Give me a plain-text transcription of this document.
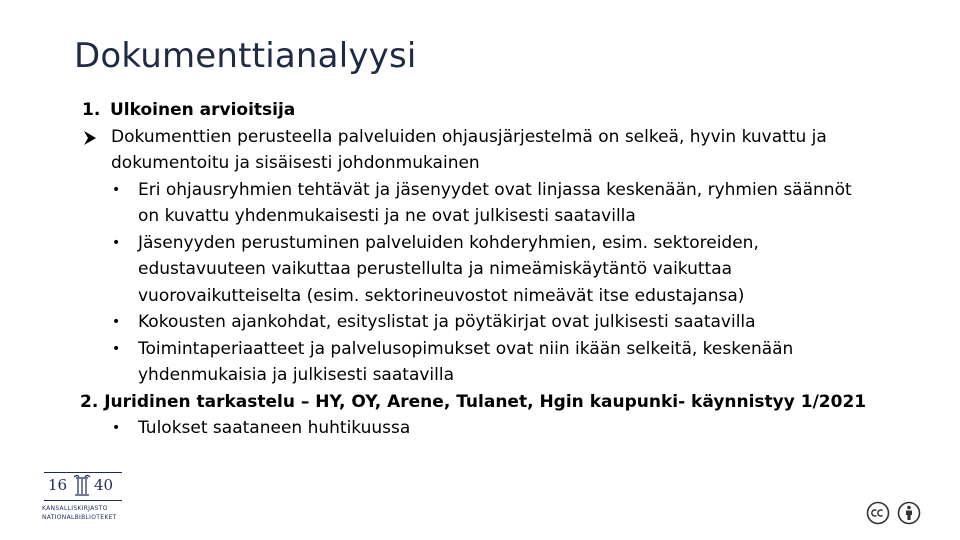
Dokumenttianalyysi
1. Ulkoinen arvioitsija
Dokumenttien perusteella palveluiden ohjausjärjestelmä on selkeä, hyvin kuvattu ja
dokumentoitu ja sisäisesti johdonmukainen
• Eri ohjausryhmien tehtävät ja jäsenyydet ovat linjassa keskenään, ryhmien säännöt
on kuvattu yhdenmukaisesti ja ne ovat julkisesti saatavilla
• Jäsenyyden perustuminen palveluiden kohderyhmien, esim. sektoreiden,
edustavuuteen vaikuttaa perustellulta ja nimeämiskäytäntö vaikuttaa
vuorovaikutteiselta (esim. sektorineuvostot nimeävät itse edustajansa)
• Kokousten ajankohdat, esityslistat ja pöytäkirjat ovat julkisesti saatavilla
• Toimintaperiaatteet ja palvelusopimukset ovat niin ikään selkeitä, keskenään
yhdenmukaisia ja julkisesti saatavilla
2. Juridinen tarkastelu – HY, OY, Arene, Tulanet, Hgin kaupunki- käynnistyy 1/2021
• Tulokset saataneen huhtikuussa
16 40
KANSALLISKIRJASTO
NATIONALBIBLIOTEKET
